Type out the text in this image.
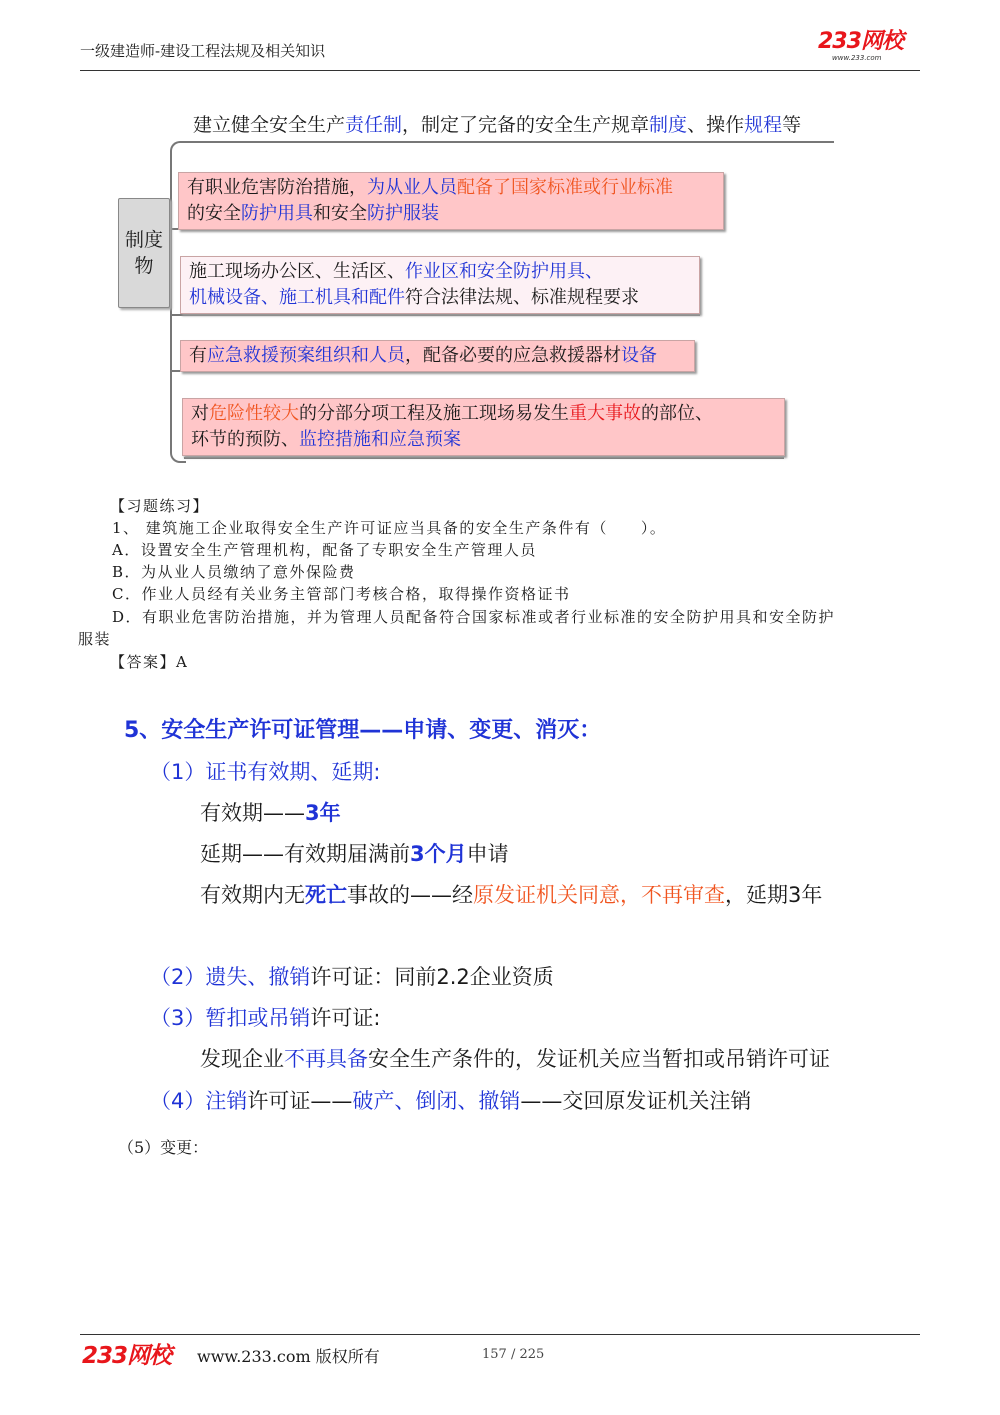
一级建造师-建设工程法规及相关知识	233网校
www.233.com
建立健全安全生产责任制，制定了完备的安全生产规章制度、操作规程等
制度
物
有职业危害防治措施，为从业人员配备了国家标准或行业标准
的安全防护用具和安全防护服装
施工现场办公区、生活区、作业区和安全防护用具、
机械设备、施工机具和配件符合法律法规、标准规程要求
有应急救援预案组织和人员，配备必要的应急救援器材设备
对危险性较大的分部分项工程及施工现场易发生重大事故的部位、
环节的预防、监控措施和应急预案
【习题练习】
1、 建筑施工企业取得安全生产许可证应当具备的安全生产条件有（　　）。
A．设置安全生产管理机构，配备了专职安全生产管理人员
B．为从业人员缴纳了意外保险费
C．作业人员经有关业务主管部门考核合格，取得操作资格证书
D．有职业危害防治措施，并为管理人员配备符合国家标准或者行业标准的安全防护用具和安全防护
服装
【答案】A
5、安全生产许可证管理——申请、变更、消灭：
（1）证书有效期、延期:
有效期——3年
延期——有效期届满前3个月申请
有效期内无死亡事故的——经原发证机关同意，不再审查，延期3年
（2）遗失、撤销许可证：同前2.2企业资质
（3）暂扣或吊销许可证:
发现企业不再具备安全生产条件的，发证机关应当暂扣或吊销许可证
（4）注销许可证——破产、倒闭、撤销——交回原发证机关注销
（5）变更：
233网校 www.233.com 版权所有	157 / 225
